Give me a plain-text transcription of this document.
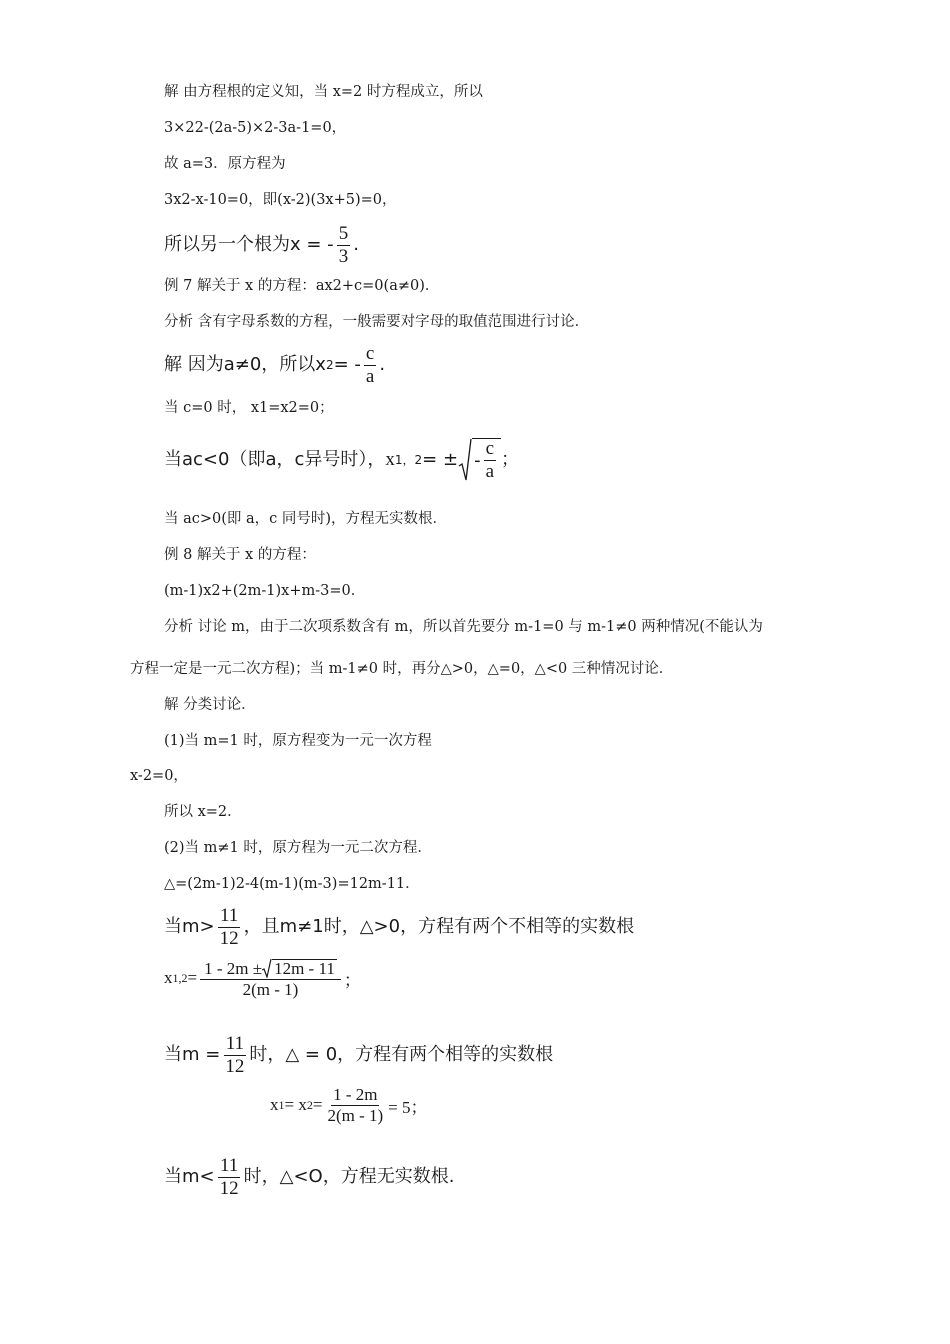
解 由方程根的定义知，当 x=2 时方程成立，所以
3×22-(2a-5)×2-3a-1=0，
故 a=3．原方程为
3x2-x-10=0，即(x-2)(3x+5)=0，
所以另一个根为x = - $\frac{5}{3}$ .
例 7 解关于 x 的方程：ax2+c=0(a≠0)．
分析 含有字母系数的方程，一般需要对字母的取值范围进行讨论．
解 因为a≠0，所以x 2 = - $\frac{c}{a}$ .
当 c=0 时， x1=x2=0；
当ac<0（即a，c异号时）， x 1，2 = ± - $\frac{c}{a}$ ；
当 ac>0(即 a，c 同号时)，方程无实数根．
例 8 解关于 x 的方程：
(m-1)x2+(2m-1)x+m-3=0．
分析 讨论 m，由于二次项系数含有 m，所以首先要分 m-1=0 与 m-1≠0 两种情况(不能认为
方程一定是一元二次方程)；当 m-1≠0 时，再分△>0，△=0，△<0 三种情况讨论．
解 分类讨论．
(1)当 m=1 时，原方程变为一元一次方程
x-2=0，
所以 x=2．
(2)当 m≠1 时，原方程为一元二次方程．
△=(2m-1)2-4(m-1)(m-3)=12m-11．
当$m> \frac{11}{12}$ ，且m≠1时，△>0，方程有两个不相等的实数根
x $1,2 = \frac{1 - 2m \pm 12m - 11}{2(m - 1)}$ ；
当$m = \frac{11}{12}$ 时，△ = 0，方程有两个相等的实数根
x 1 = x $2 = \frac{1 - 2m}{2(m - 1)} = 5$；
当$m< \frac{11}{12}$ 时，△<O，方程无实数根.
